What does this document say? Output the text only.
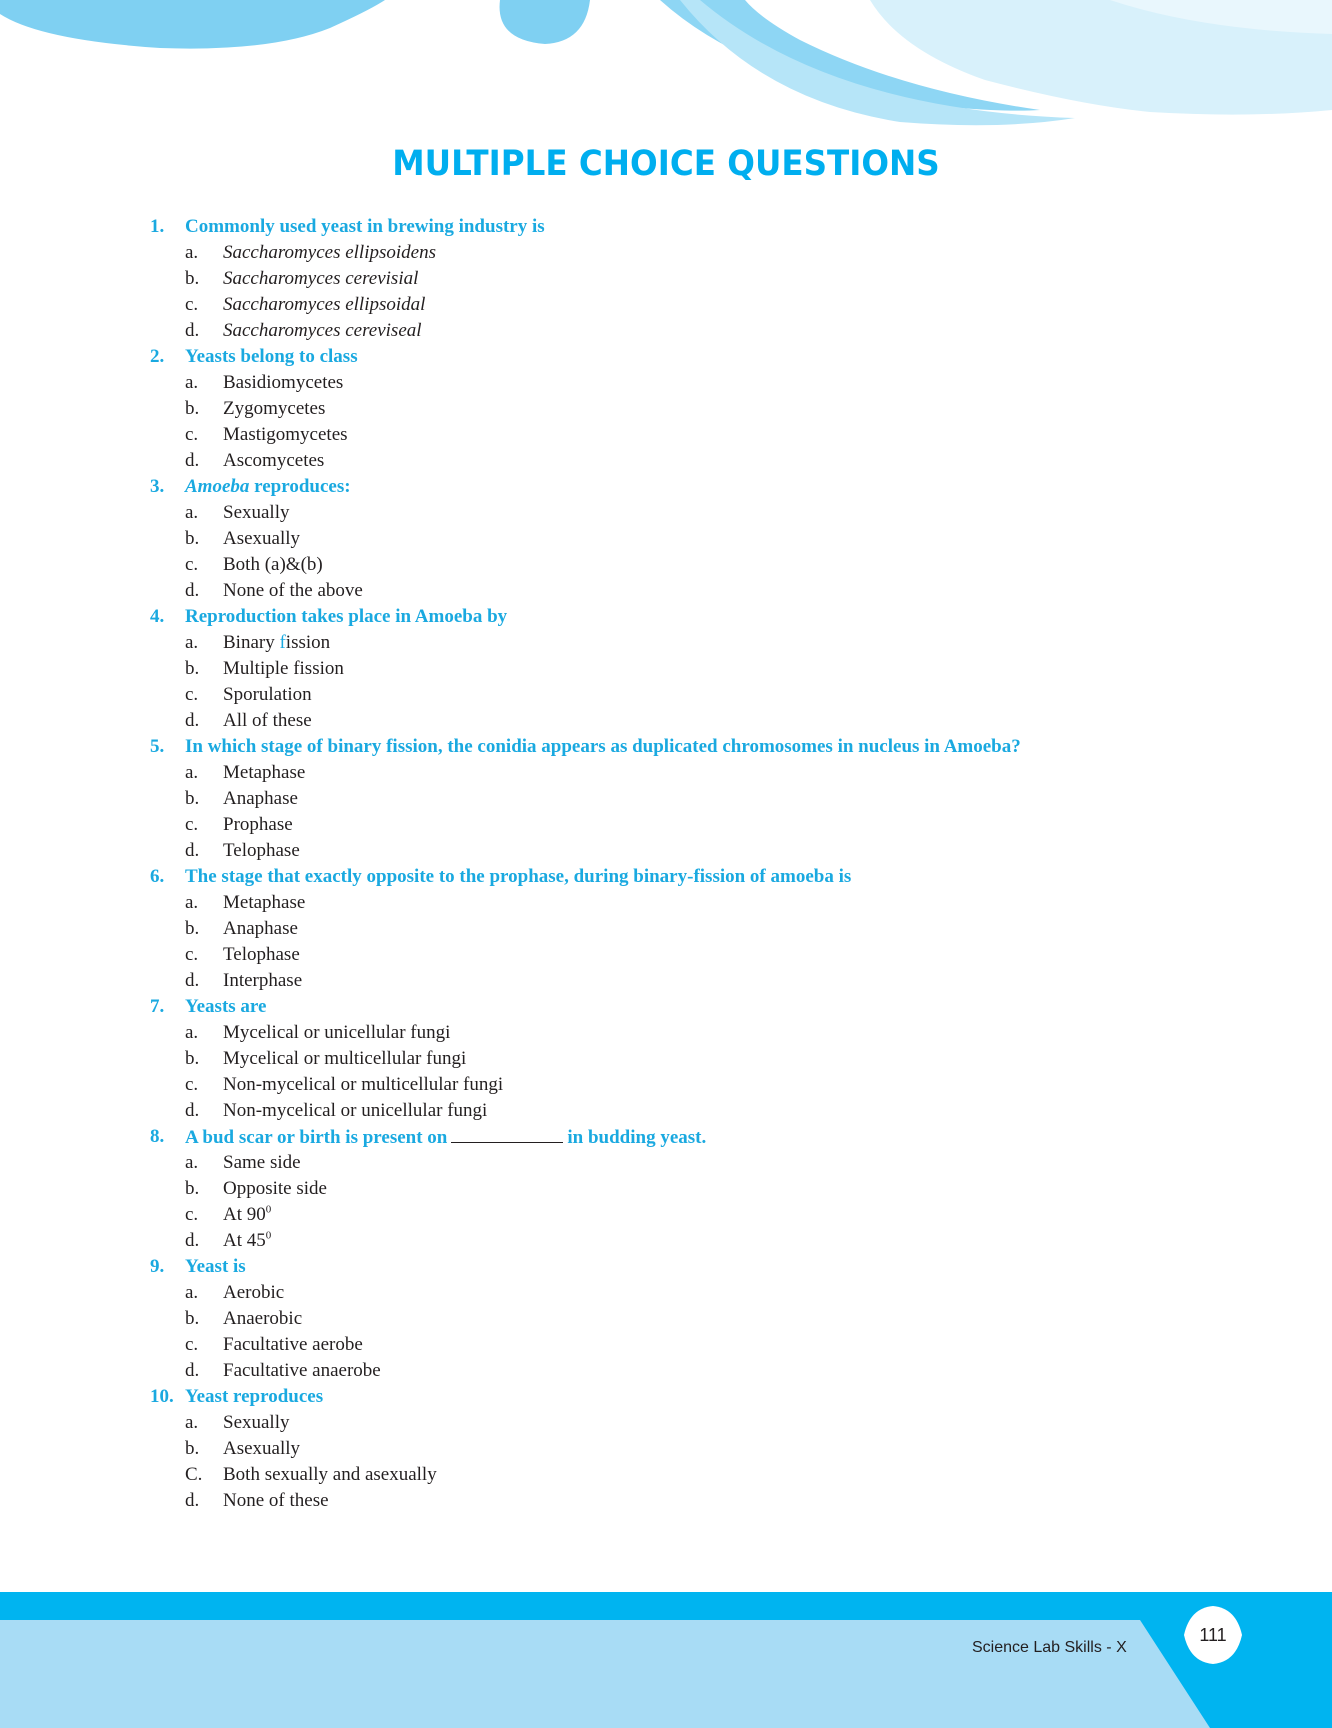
MULTIPLE CHOICE QUESTIONS
1.	Commonly used yeast in brewing industry is
a.	Saccharomyces ellipsoidens
b.	Saccharomyces cerevisial
c.	Saccharomyces ellipsoidal
d.	Saccharomyces cereviseal
2.	Yeasts belong to class
a.	Basidiomycetes
b.	Zygomycetes
c.	Mastigomycetes
d.	Ascomycetes
3.	Amoeba reproduces:
a.	Sexually
b.	Asexually
c.	Both (a)&(b)
d.	None of the above
4.	Reproduction takes place in Amoeba by
a.	Binary fission
b.	Multiple fission
c.	Sporulation
d.	All of these
5.	In which stage of binary fission, the conidia appears as duplicated chromosomes in nucleus in Amoeba?
a.	Metaphase
b.	Anaphase
c.	Prophase
d.	Telophase
6.	The stage that exactly opposite to the prophase, during binary-fission of amoeba is
a.	Metaphase
b.	Anaphase
c.	Telophase
d.	Interphase
7.	Yeasts are
a.	Mycelical or unicellular fungi
b.	Mycelical or multicellular fungi
c.	Non-mycelical or multicellular fungi
d.	Non-mycelical or unicellular fungi
8.	A bud scar or birth is present on	in budding yeast.
a.	Same side
b.	Opposite side
c.	At $90^0$
d.	At $45^0$
9.	Yeast is
a.	Aerobic
b.	Anaerobic
c.	Facultative aerobe
d.	Facultative anaerobe
10. Yeast reproduces
a.	Sexually
b.	Asexually
C.	Both sexually and asexually
d.	None of these
Science Lab Skills - X
111
